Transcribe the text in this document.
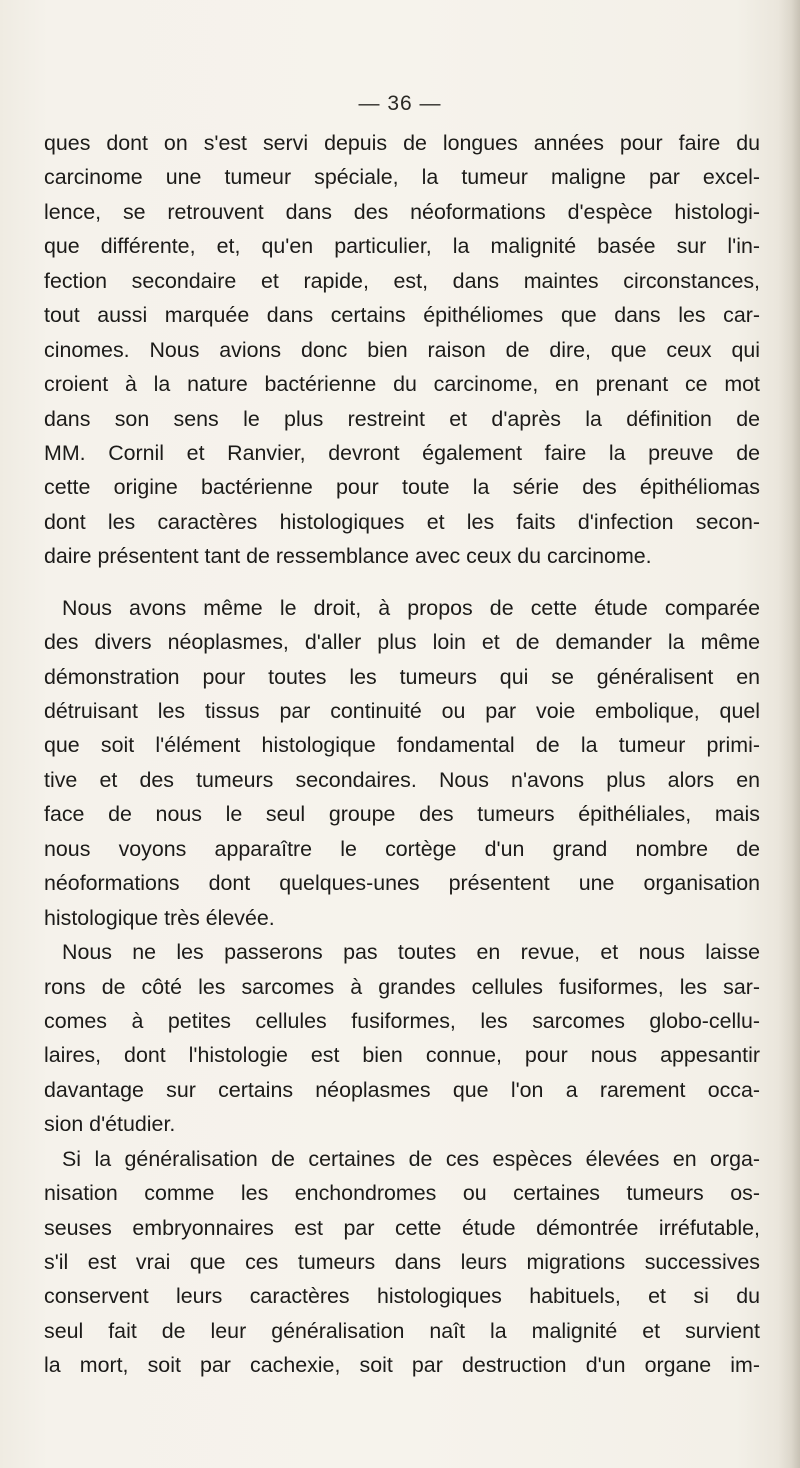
— 36 —
ques dont on s'est servi depuis de longues années pour faire du
carcinome une tumeur spéciale, la tumeur maligne par excel-
lence, se retrouvent dans des néoformations d'espèce histologi-
que différente, et, qu'en particulier, la malignité basée sur l'in-
fection secondaire et rapide, est, dans maintes circonstances,
tout aussi marquée dans certains épithéliomes que dans les car-
cinomes. Nous avions donc bien raison de dire, que ceux qui
croient à la nature bactérienne du carcinome, en prenant ce mot
dans son sens le plus restreint et d'après la définition de
MM. Cornil et Ranvier, devront également faire la preuve de
cette origine bactérienne pour toute la série des épithéliomas
dont les caractères histologiques et les faits d'infection secon-
daire présentent tant de ressemblance avec ceux du carcinome.
Nous avons même le droit, à propos de cette étude comparée
des divers néoplasmes, d'aller plus loin et de demander la même
démonstration pour toutes les tumeurs qui se généralisent en
détruisant les tissus par continuité ou par voie embolique, quel
que soit l'élément histologique fondamental de la tumeur primi-
tive et des tumeurs secondaires. Nous n'avons plus alors en
face de nous le seul groupe des tumeurs épithéliales, mais
nous voyons apparaître le cortège d'un grand nombre de
néoformations dont quelques-unes présentent une organisation
histologique très élevée.
Nous ne les passerons pas toutes en revue, et nous laisse
rons de côté les sarcomes à grandes cellules fusiformes, les sar-
comes à petites cellules fusiformes, les sarcomes globo-cellu-
laires, dont l'histologie est bien connue, pour nous appesantir
davantage sur certains néoplasmes que l'on a rarement occa-
sion d'étudier.
Si la généralisation de certaines de ces espèces élevées en orga-
nisation comme les enchondromes ou certaines tumeurs os-
seuses embryonnaires est par cette étude démontrée irréfutable,
s'il est vrai que ces tumeurs dans leurs migrations successives
conservent leurs caractères histologiques habituels, et si du
seul fait de leur généralisation naît la malignité et survient
la mort, soit par cachexie, soit par destruction d'un organe im-
